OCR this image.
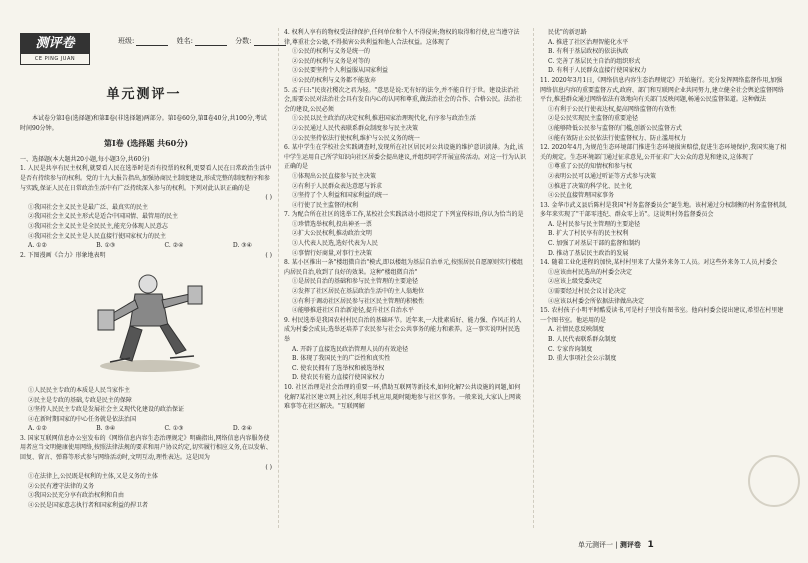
测评卷
CE PING JUAN
班级:	姓名:	分数:
单元测评一

本试卷分第Ⅰ卷(选择题)和第Ⅱ卷(非选择题)两部分。第Ⅰ卷60分,第Ⅱ卷40分,共100分,考试时间90分钟。

第Ⅰ卷 (选择题 共60分)

一、选择题(本大题共20小题,每小题3分,共60分)

1. 人民是共享有民主权利,就要看人民在选举时是否有投票的权利,更要看人民在日常政治生活中是否有持续参与的权利。党的十九大报告指出,加强协商民主制度建设,形成完整的制度程序和参与实践,保证人民在日常政治生活中有广泛持续深入参与的权利。下列对此认识正确的是

( )

①我国社会主义民主是最广泛、最真实的民主

②我国社会主义民主形式是适合中国国情、最管用的民主

③我国社会主义民主是全民民主,能充分体现人民意志

④我国社会主义民主是人民直接行使国家权力的民主

A. ①②	B. ①③	C. ②④	D. ③④

2. 下图漫画《合力》形象地表明	( )

①人民民主专政的本质是人民当家作主

②民主是专政的基础,专政是民主的保障

③坚持人民民主专政是发展社会主义现代化建设的政治保证

④在新时期国家的中心任务就是依法治国

A. ①②	B. ③④	C. ①③	D. ②④

3. 国家互联网信息办公室发布的《网络信息内容生态治理规定》明确指出,网络信息内容服务使用者应当文明健康使用网络,按照法律法规的要求和用户协议约定,切实履行相应义务,在以发帖、回复、留言、弹幕等形式参与网络活动时,文明互动,理性表达。这是因为

( )

①在法律上,公民既是权利的主体,又是义务的主体

②公民有遵守法律的义务

③我国公民充分享有政治权利和自由

④公民是国家意志执行者和国家利益的捍卫者

4. 权利人享有的物权受法律保护,任何单位和个人不得侵害;物权的取得和行使,应当遵守法律,尊重社会公德,不得损害公共利益和他人合法权益。这体现了

①公民的权利与义务是统一的

②公民的权利与义务是对等的

③公民要坚持个人利益服从国家利益

④公民的权利与义务都不能放弃

5. 孟子曰:"民贵社稷次之君为轻。"意思是说:无有好的法令,并不能自行于世。建设法治社会,需要公民对法治社会具有发自内心的认同和尊重,做法治社会的合作、合格公民。法治社会的建设,公民必须

①公民以民主政治的决定权利,推进国家治理现代化,有序参与政治生活

②公民通过人民代表联系群众制度参与民主决策

③公民坚持依法行使权利,维护与公民义务的统一

6. 某中学生在学校社会实践调查时,发现所在社区居民对公共设施的维护意识淡薄。为此,该中学生运用自己所学知识向社区居委会提出建议,并组织同学开展宣传活动。对这一行为认识正确的是

①体现出公民直接参与民主决策

②有利于人民群众表达意愿与诉求

③坚持了个人利益和国家利益的统一

④行使了民主监督的权利

7. 为配合所在社区的选举工作,某校社会实践活动小组拟定了下列宣传标语,你认为恰当的是

①珍惜选举权利,投出神圣一票

②扩大公民权利,推动政治文明

③人代表人民选,选好代表为人民

④事情行好商量,对事行主决策

8. 某小区推出一条"楼组微自治"模式,即以楼组为基层自治单元,按照居民自愿原则实行楼组内居民自治,收到了良好的效果。这种"楼组微自治"

①是居民自治的基础和参与民主管理的主要途径

②发挥了社区居民在基层政治生活中的主人翁地位

③有利于调动社区居民参与社区民主管理的积极性

④能够推进社区自治新途径,提升社区自治水平

9. 村民选举是我国农村村民自治的基础环节。近年来,一大批素质好、能力强、作风正的人成为村委会成员;选举还培养了农民参与社会公共事务的能力和素养。这一事实说明村民选举

A. 开辟了直接选民政治管理人员的有效途径

B. 体现了我国民主的广泛性和真实性

C. 使农民拥有了选举权和被选举权

D. 使农民有能力直接行使国家权力

10. 社区治理是社会治理的重要一环,借助互联网等新技术,如何化解?公共设施的问题,如何化解?某社区建立网上社区,利用手机应用,随时随地参与社区事务。一般来说,大家认上网谈难事等在社区解决。"互联网解

民优"的新思路

A. 推进了社区治理智能化水平

B. 有利于基层政权的依法执政

C. 完善了基层民主自治的组织形式

D. 有利于人民群众直接行使国家权力

11. 2020年3月1日,《网络信息内容生态治理规定》开始施行。充分发挥网络监督作用,加强网络信息内容的重要监督方式,政府、部门和互联网企业共同努力,建立健全社会舆论监督网络平台,推进群众通过网络依法有效地向有关部门反映问题,畅通公民监督渠道。这种做法

①有利于公民行使表达权,提高网络监督的有效性

②是公民实现民主监督的重要途径

③能够降低公民参与监督的门槛,创新公民监督方式

④能有效防止公民依法行使监督权力、防止滥用权力

12. 2020年4月,为规范生态环境部门推进生态环境损害赔偿,促进生态环境保护,我国实施了相关的规定。生态环境部门通过征求意见,公开征求广大公众的意见和建议,这体现了

①尊重了公民的知情权和参与权

②表明公民可以通过听证等方式参与决策

③推进了决策的科学化、民主化

④公民直接管理国家事务

13. 金华市武义县后陈村是我国"村务监督委员会"诞生地。该村通过分权制衡的村务监督机制,多年来实现了"干部零违纪、群众零上访"。这说明村务监督委员会

A. 是村民参与民主管理的主要途径

B. 扩大了村民享有的民主权利

C. 加强了对基层干部的监督和制约

D. 推动了基层民主政治的发展

14. 随着工业化进程的加快,某村村里来了大量外来务工人员。对这些外来务工人员,村委会

①应该由村民选出的村委会决定

②应该上级党委决定

③需要经过村民会议讨论决定

④应该以村委会所依据法律做出决定

15. 农村孩子小明平时酷爱读书,可是村子里没有图书室。他向村委会提出建议,希望在村里建一个图书室。他运用的是

A. 社情民意反映制度

B. 人民代表联系群众制度

C. 专家咨询制度

D. 重大事项社会公示制度

单元测评一 | 测评卷 1
